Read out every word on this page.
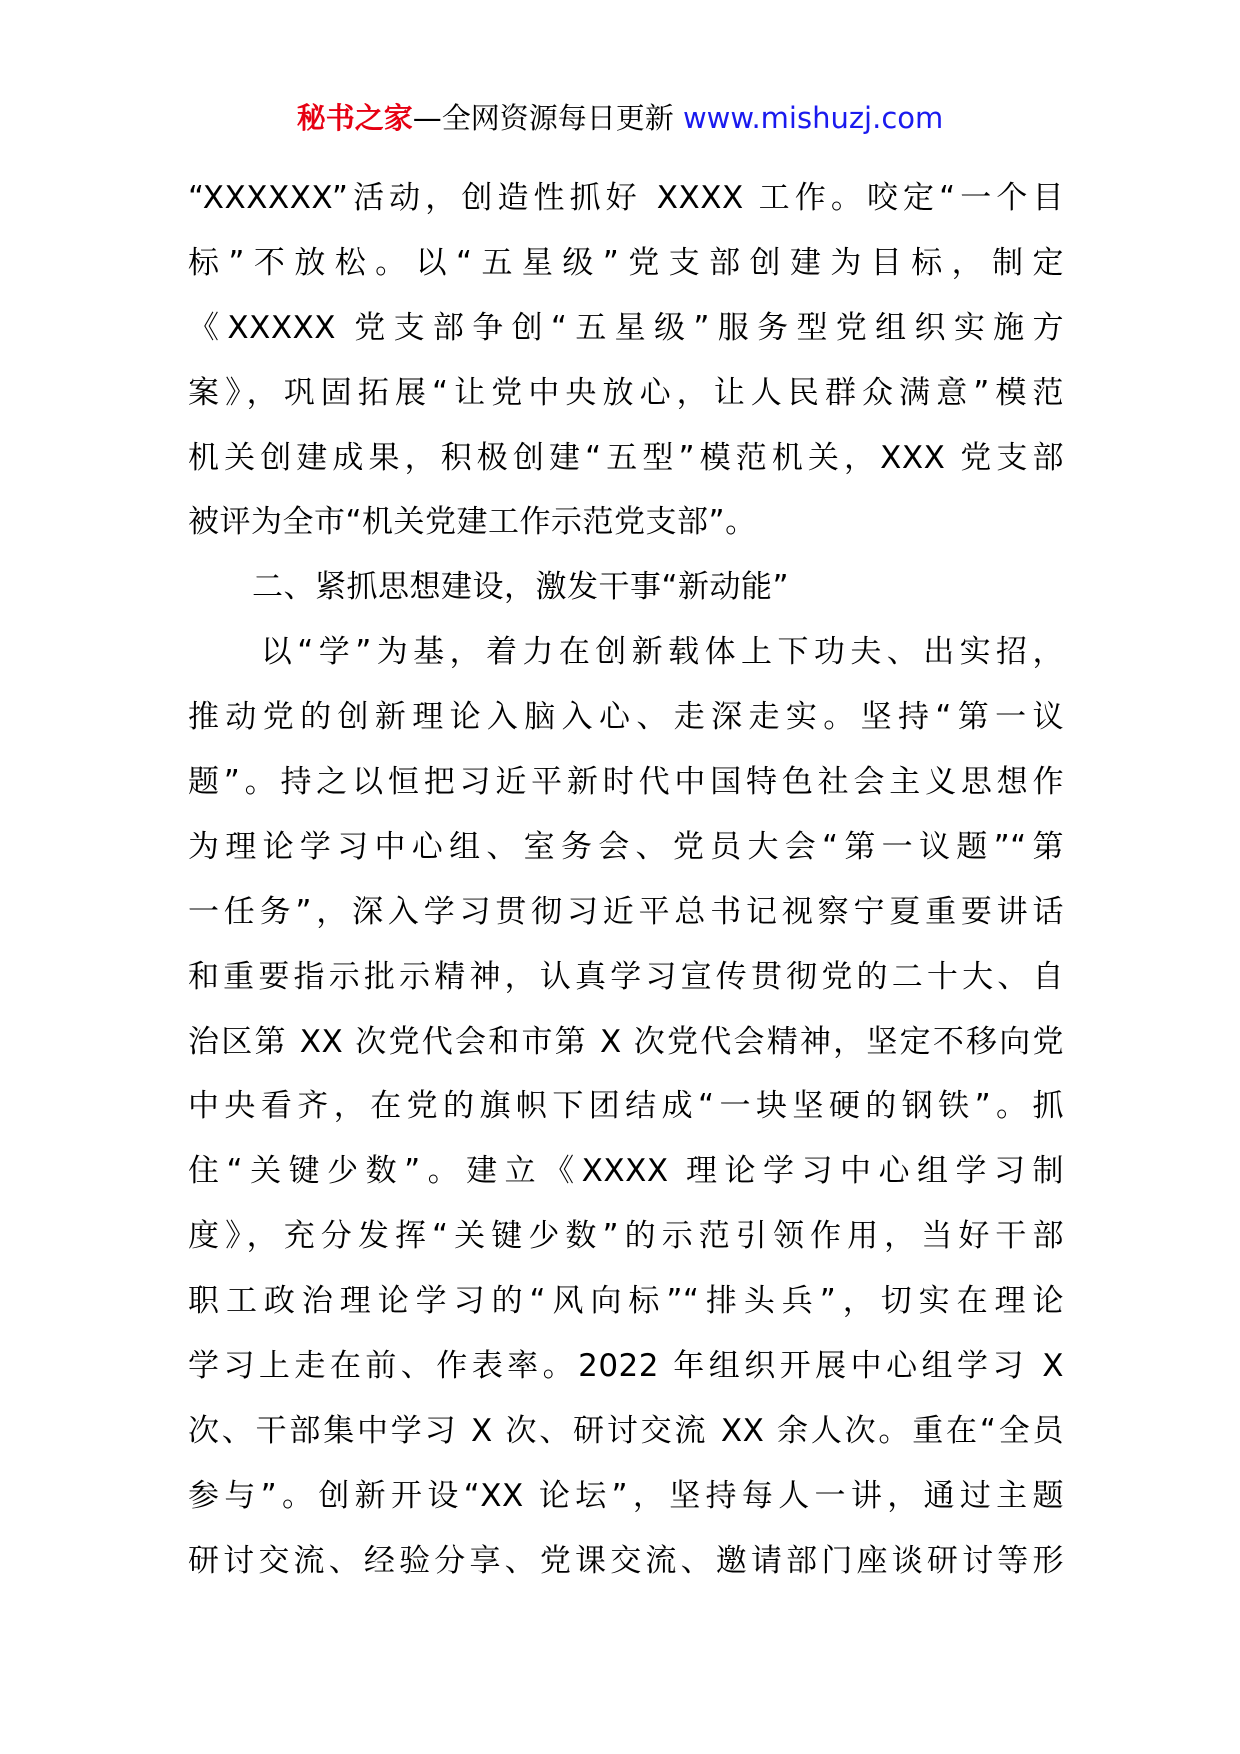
秘书之家—全网资源每日更新 www.mishuzj.com
“XXXXXX”活动，创造性抓好 XXXX 工作。咬定“一个目
标”不放松。以“五星级”党支部创建为目标，制定
《XXXXX 党支部争创“五星级”服务型党组织实施方
案》，巩固拓展“让党中央放心，让人民群众满意”模范
机关创建成果，积极创建“五型”模范机关，XXX 党支部
被评为全市“机关党建工作示范党支部”。
二、紧抓思想建设，激发干事“新动能”
　　以“学”为基，着力在创新载体上下功夫、出实招，
推动党的创新理论入脑入心、走深走实。坚持“第一议
题”。持之以恒把习近平新时代中国特色社会主义思想作
为理论学习中心组、室务会、党员大会“第一议题”“第
一任务”，深入学习贯彻习近平总书记视察宁夏重要讲话
和重要指示批示精神，认真学习宣传贯彻党的二十大、自
治区第 XX 次党代会和市第 X 次党代会精神，坚定不移向党
中央看齐，在党的旗帜下团结成“一块坚硬的钢铁”。抓
住“关键少数”。建立《XXXX 理论学习中心组学习制
度》，充分发挥“关键少数”的示范引领作用，当好干部
职工政治理论学习的“风向标”“排头兵”，切实在理论
学习上走在前、作表率。2022 年组织开展中心组学习 X
次、干部集中学习 X 次、研讨交流 XX 余人次。重在“全员
参与”。创新开设“XX 论坛”，坚持每人一讲，通过主题
研讨交流、经验分享、党课交流、邀请部门座谈研讨等形
